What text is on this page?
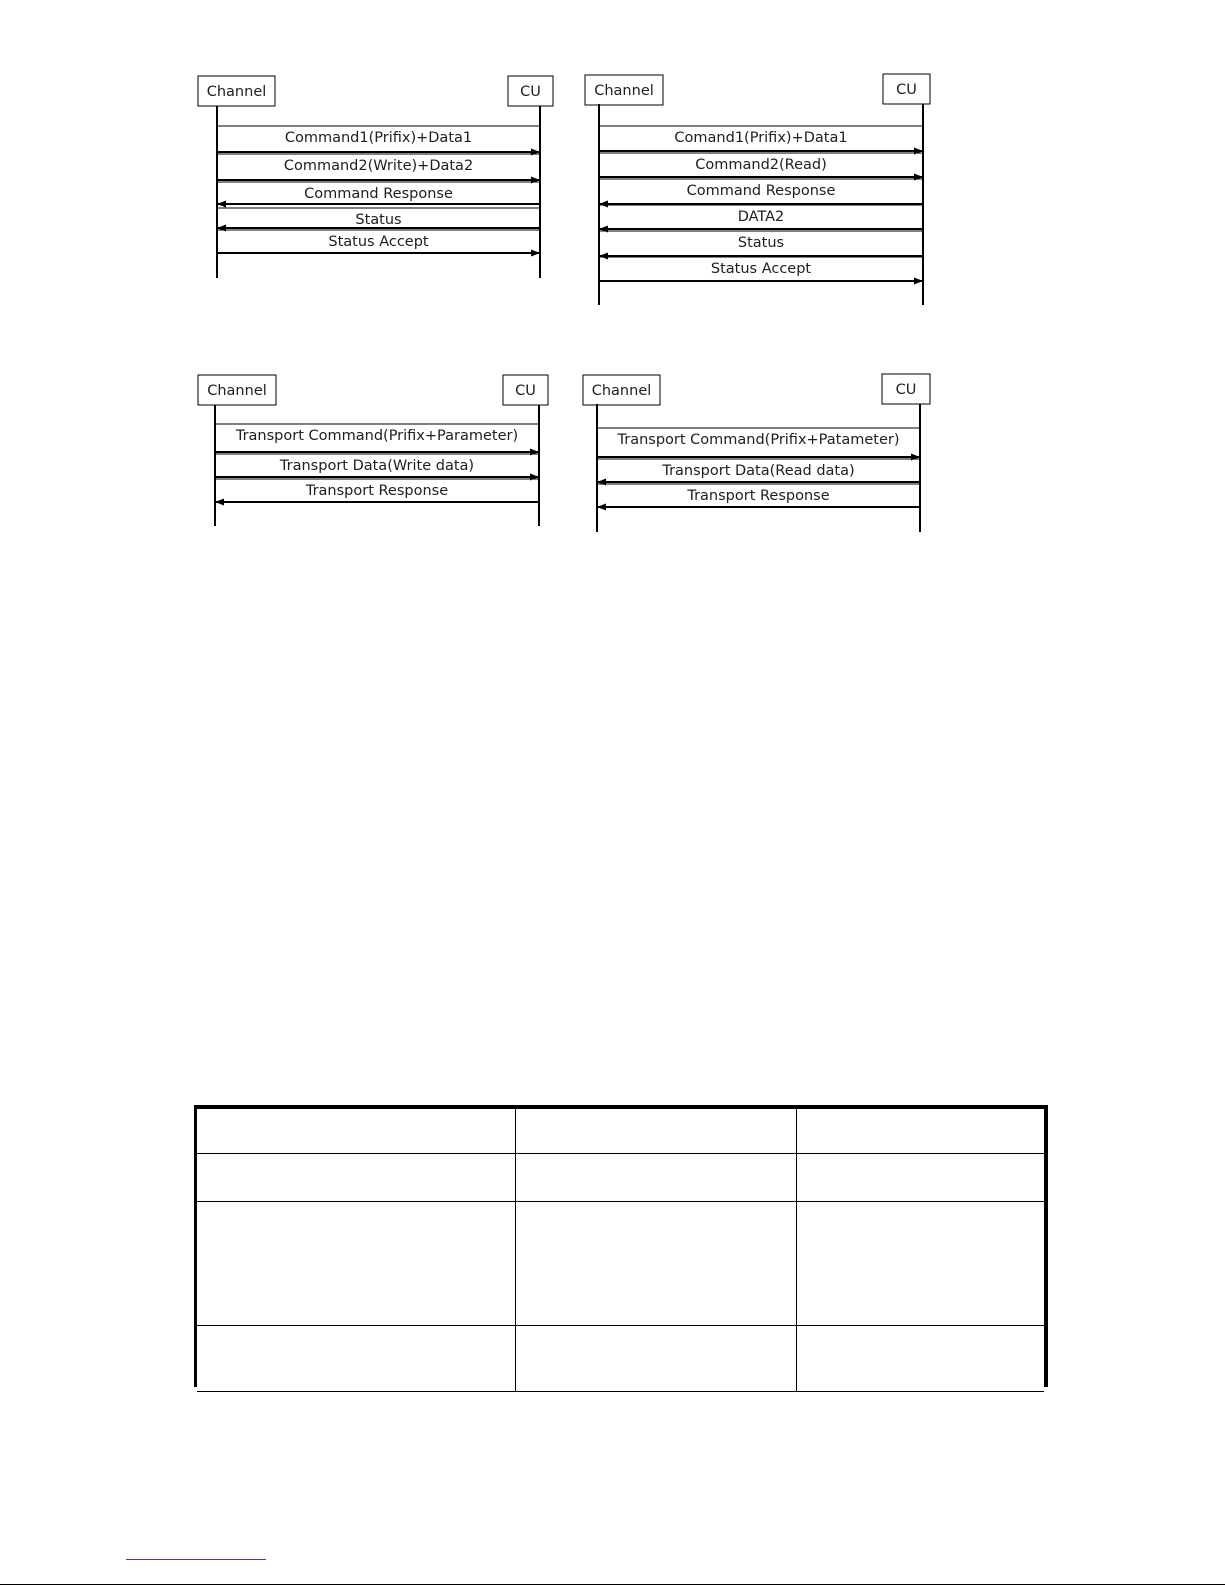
Channel	CU
Command1(Prifix)+Data1
Command2(Write)+Data2
Command Response
Status
Status Accept
Channel	CU
Comand1(Prifix)+Data1
Command2(Read)
Command Response
DATA2
Status
Status Accept
Channel	CU
Transport Command(Prifix+Parameter)
Transport Data(Write data)
Transport Response
Channel	CU
Transport Command(Prifix+Patameter)
Transport Data(Read data)
Transport Response
